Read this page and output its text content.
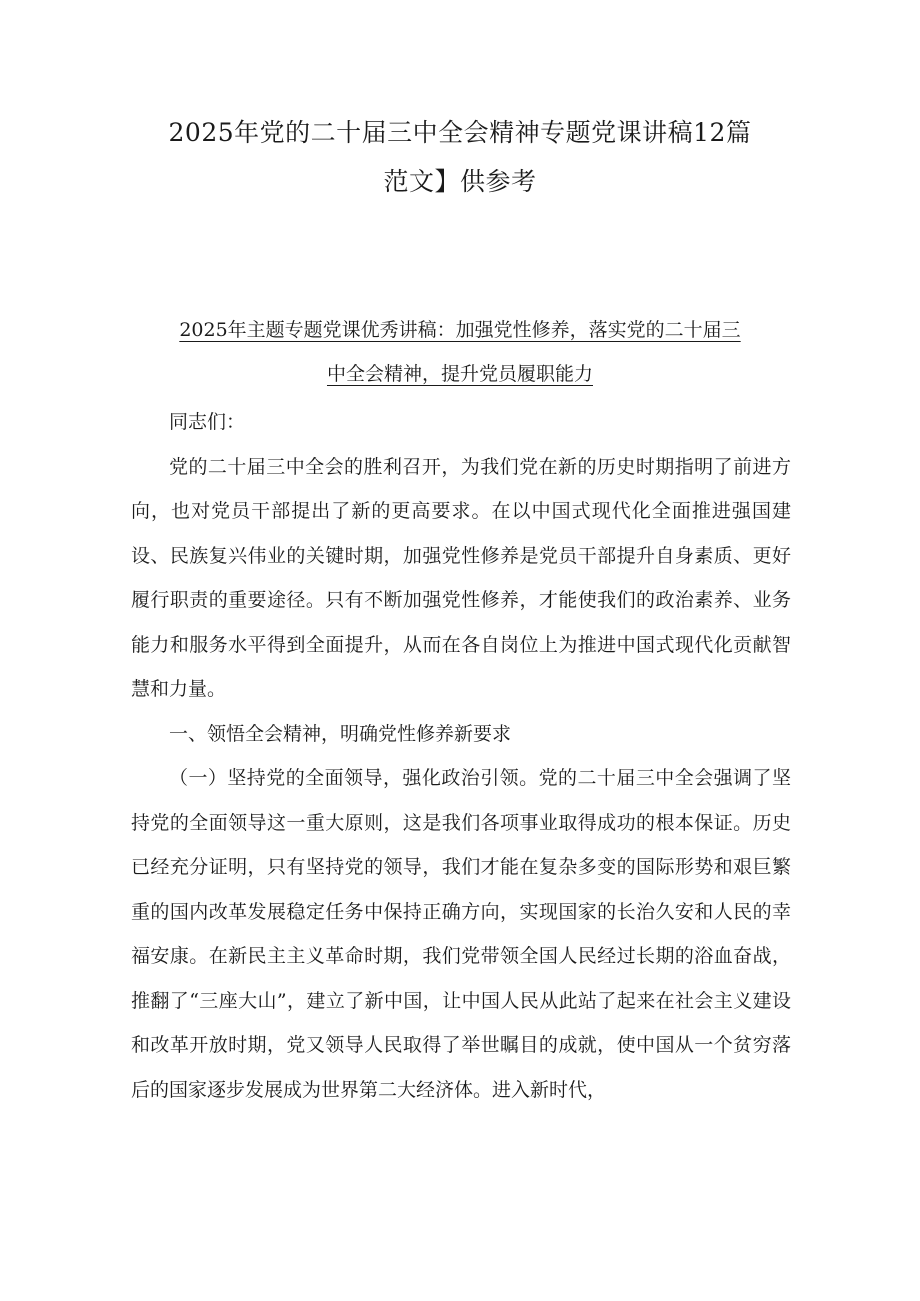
2025年党的二十届三中全会精神专题党课讲稿12篇
范文】供参考
2025年主题专题党课优秀讲稿：加强党性修养，落实党的二十届三
中全会精神，提升党员履职能力

同志们：

党的二十届三中全会的胜利召开，为我们党在新的历史时期指明了前进方向，也对党员干部提出了新的更高要求。在以中国式现代化全面推进强国建设、民族复兴伟业的关键时期，加强党性修养是党员干部提升自身素质、更好履行职责的重要途径。只有不断加强党性修养，才能使我们的政治素养、业务能力和服务水平得到全面提升，从而在各自岗位上为推进中国式现代化贡献智慧和力量。

一、领悟全会精神，明确党性修养新要求

（一）坚持党的全面领导，强化政治引领。党的二十届三中全会强调了坚持党的全面领导这一重大原则，这是我们各项事业取得成功的根本保证。历史已经充分证明，只有坚持党的领导，我们才能在复杂多变的国际形势和艰巨繁重的国内改革发展稳定任务中保持正确方向，实现国家的长治久安和人民的幸福安康。在新民主主义革命时期，我们党带领全国人民经过长期的浴血奋战，推翻了“三座大山”，建立了新中国，让中国人民从此站了起来在社会主义建设和改革开放时期，党又领导人民取得了举世瞩目的成就，使中国从一个贫穷落后的国家逐步发展成为世界第二大经济体。进入新时代，
